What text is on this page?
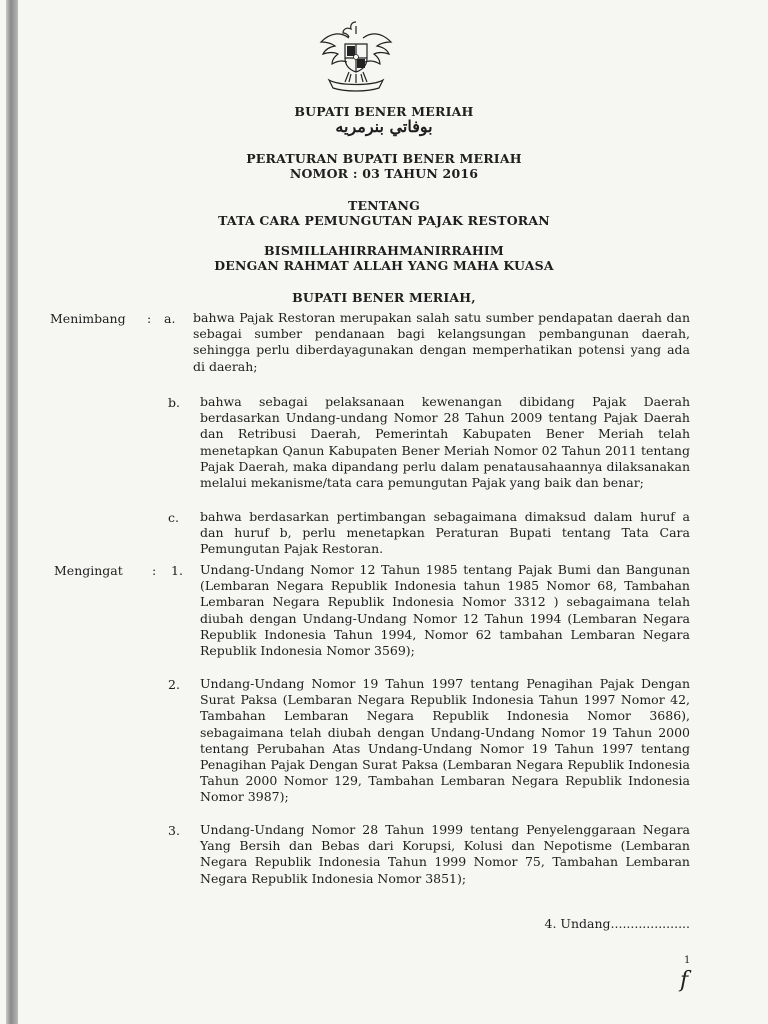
BUPATI BENER MERIAH
بوفاتي بنرمريه
PERATURAN BUPATI BENER MERIAH
NOMOR : 03 TAHUN 2016
TENTANG
TATA CARA PEMUNGUTAN PAJAK RESTORAN
BISMILLAHIRRAHMANIRRAHIM
DENGAN RAHMAT ALLAH YANG MAHA KUASA
BUPATI BENER MERIAH,
Menimbang : a. bahwa Pajak Restoran merupakan salah satu sumber pendapatan daerah dan sebagai sumber pendanaan bagi kelangsungan pembangunan daerah, sehingga perlu diberdayagunakan dengan memperhatikan potensi yang ada di daerah;

b. bahwa sebagai pelaksanaan kewenangan dibidang Pajak Daerah berdasarkan Undang-undang Nomor 28 Tahun 2009 tentang Pajak Daerah dan Retribusi Daerah, Pemerintah Kabupaten Bener Meriah telah menetapkan Qanun Kabupaten Bener Meriah Nomor 02 Tahun 2011 tentang Pajak Daerah, maka dipandang perlu dalam penatausahaannya dilaksanakan melalui mekanisme/tata cara pemungutan Pajak yang baik dan benar;

c. bahwa berdasarkan pertimbangan sebagaimana dimaksud dalam huruf a dan huruf b, perlu menetapkan Peraturan Bupati tentang Tata Cara Pemungutan Pajak Restoran.

Mengingat : 1. Undang-Undang Nomor 12 Tahun 1985 tentang Pajak Bumi dan Bangunan (Lembaran Negara Republik Indonesia tahun 1985 Nomor 68, Tambahan Lembaran Negara Republik Indonesia Nomor 3312 ) sebagaimana telah diubah dengan Undang-Undang Nomor 12 Tahun 1994 (Lembaran Negara Republik Indonesia Tahun 1994, Nomor 62 tambahan Lembaran Negara Republik Indonesia Nomor 3569);

2. Undang-Undang Nomor 19 Tahun 1997 tentang Penagihan Pajak Dengan Surat Paksa (Lembaran Negara Republik Indonesia Tahun 1997 Nomor 42, Tambahan Lembaran Negara Republik Indonesia Nomor 3686), sebagaimana telah diubah dengan Undang-Undang Nomor 19 Tahun 2000 tentang Perubahan Atas Undang-Undang Nomor 19 Tahun 1997 tentang Penagihan Pajak Dengan Surat Paksa (Lembaran Negara Republik Indonesia Tahun 2000 Nomor 129, Tambahan Lembaran Negara Republik Indonesia Nomor 3987);

3. Undang-Undang Nomor 28 Tahun 1999 tentang Penyelenggaraan Negara Yang Bersih dan Bebas dari Korupsi, Kolusi dan Nepotisme (Lembaran Negara Republik Indonesia Tahun 1999 Nomor 75, Tambahan Lembaran Negara Republik Indonesia Nomor 3851);

4. Undang....................
1
f
